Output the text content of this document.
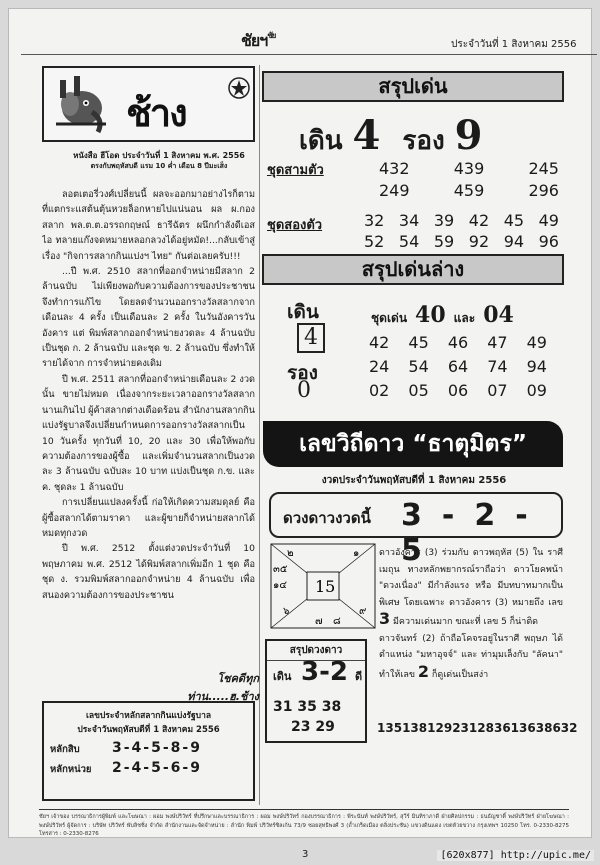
ชัยฯ$^{ชัย}$
ประจำวันที่ 1 สิงหาคม 2556
ช้าง
หนังสือ ฮีโอด ประจำวันที่ 1 สิงหาคม พ.ศ. 2556
ตรงกับพฤหัสบดี แรม 10 ค่ำ เดือน 8 ปีมะเส็ง

ลอตเตอรี่วงศ์เปลี่ยนนี้ ผลจะออกมาอย่างไรก็ตาม ที่แตกระแสต้นตุ้นหวยล็อกหายไปแน่นอน ผล ผ.กอง สลาก พล.ต.ต.อรรถกฤษณ์ ธารีฉัตร ผนึกกำลังดีเอส ไอ ทลายแก๊งจดหมายหลอกลวงได้อยู่หมัด!...กลับเข้าสู่เรื่อง "กิจการสลากกินแบ่งฯ ไทย" กันต่อเลยครับ!!!

...ปี พ.ศ. 2510 สลากที่ออกจำหน่ายมีสลาก 2 ล้านฉบับ ไม่เพียงพอกับความต้องการของประชาชน จึงทำการแก้ไข โดยลดจำนวนออกรางวัลสลากจากเดือนละ 4 ครั้ง เป็นเดือนละ 2 ครั้ง ในวันอังคารวันอังคาร แต่ พิมพ์สลากออกจำหน่ายงวดละ 4 ล้านฉบับ เป็นชุด ก. 2 ล้านฉบับ และชุด ข. 2 ล้านฉบับ ซึ่งทำให้รายได้จาก การจำหน่ายคงเดิม

ปี พ.ศ. 2511 สลากที่ออกจำหน่ายเดือนละ 2 งวดนั้น ขายไม่หมด เนื่องจากระยะเวลาออกรางวัลสลาก นานเกินไป ผู้ค้าสลากต่างเดือดร้อน สำนักงานสลากกินแบ่งรัฐบาลจึงเปลี่ยนกำหนดการออกรางวัลสลากเป็น 10 วันครั้ง ทุกวันที่ 10, 20 และ 30 เพื่อให้พอกับความต้องการของผู้ซื้อ และเพิ่มจำนวนสลากเป็นงวดละ 3 ล้านฉบับ ฉบับละ 10 บาท แบ่งเป็นชุด ก.ข. และ ค. ชุดละ 1 ล้านฉบับ

การเปลี่ยนแปลงครั้งนี้ ก่อให้เกิดความสมดุลย์ คือ ผู้ซื้อสลากได้ตามราคา และผู้ขายก็จำหน่ายสลากได้หมดทุกงวด

ปี พ.ศ. 2512 ตั้งแต่งวดประจำวันที่ 10 พฤษภาคม พ.ศ. 2512 ได้พิมพ์สลากเพิ่มอีก 1 ชุด คือ ชุด ง. รวมพิมพ์สลากออกจำหน่าย 4 ล้านฉบับ เพื่อสนองความต้องการของประชาชน

โชคดีทุกท่าน.....ฮ.ช้าง
เลขประจำหลักสลากกินแบ่งรัฐบาล
ประจำวันพฤหัสบดีที่ 1 สิงหาคม 2556
หลักสิบ	3-4-5-8-9
หลักหน่วย	2-4-5-6-9
สรุปเด่น
เดิน 4 รอง 9
ชุดสามตัว	432	439	245
249	459	296
ชุดสองตัว	32 34 39 42 45 49
52 54 59 92 94 96
สรุปเด่นล่าง
เดิน
4
รอง
0
ชุดเด่น 40 และ 04
42 45 46 47 49
24 54 64 74 94
02 05 06 07 09
เลขวิถีดาว “ธาตุมิตร”
งวดประจำวันพฤหัสบดีที่ 1 สิงหาคม 2556
ดวงดาวงวดนี้ 3-2-5
15
๒	๑
๓๕
๑๔
๖
๗ ๘
๙
ดาวอังคาร (3) ร่วมกับ ดาวพฤหัส (5) ใน ราศี เมถุน ทางหลักพยากรณ์ราถือว่า ดาวโยคพน้า "ดวงเนื่อง" มีกำลังแรง หรือ มีบทบาทมากเป็นพิเศษ โดยเฉพาะ ดาวอังคาร (3) หมายถึง เลข 3 มีความเด่นมาก ขณะที่ เลข 5 ก็น่าติด
ดาวจันทร์ (2) ถ้าถือโคจรอยู่ในราศี พฤษภ ได้ตำแหน่ง "มหาอุจจ์" และ ท่ามุมเล็งกับ "ลัคนา" ทำให้เลข 2 ก็ดูเด่นเป็นสง่า
สรุปดวงดาว
เดิน 3-2 ดี
31 35 38
23 29	135 138 129 231 283 613 638 632
ชัยฯ เจ้าของ บรรณาธิการผู้พิมพ์ และโฆษณา : ผอม พงษ์ปริวัทร์ ที่ปรึกษาและบรรณาธิการ : ผอม พงษ์ปริวัทร์ กองบรรณาธิการ : พีระนันท์ พงษ์ปริวัทร์, สุวีร์ มินทิราภาดี ฝ่ายศิลปกรรม : ธนธัญชาติ์ พงษ์ปริวัทร์ ฝ่ายโฆษณา : พงษ์ปริวัทร์ ผู้จัดการ : บริษัท ปริวัทร์ พับลิชชิ่ง จำกัด สำนักงานและจัดจำหน่าย : ลำนัก พิมพ์ ปริวัทร์ซิลเก้น 73/9 ซอยสุทธิพงศ์ 3 (ถ้ำเกร็ดเมือง ตลิ่งประชัน) แขวงดินแดง เขตห้วยขวาง กรุงเทพฯ 10250 โทร. 0-2330-8275 โทรสาร : 0-2330-8276
3	[620x877] http://upic.me/
